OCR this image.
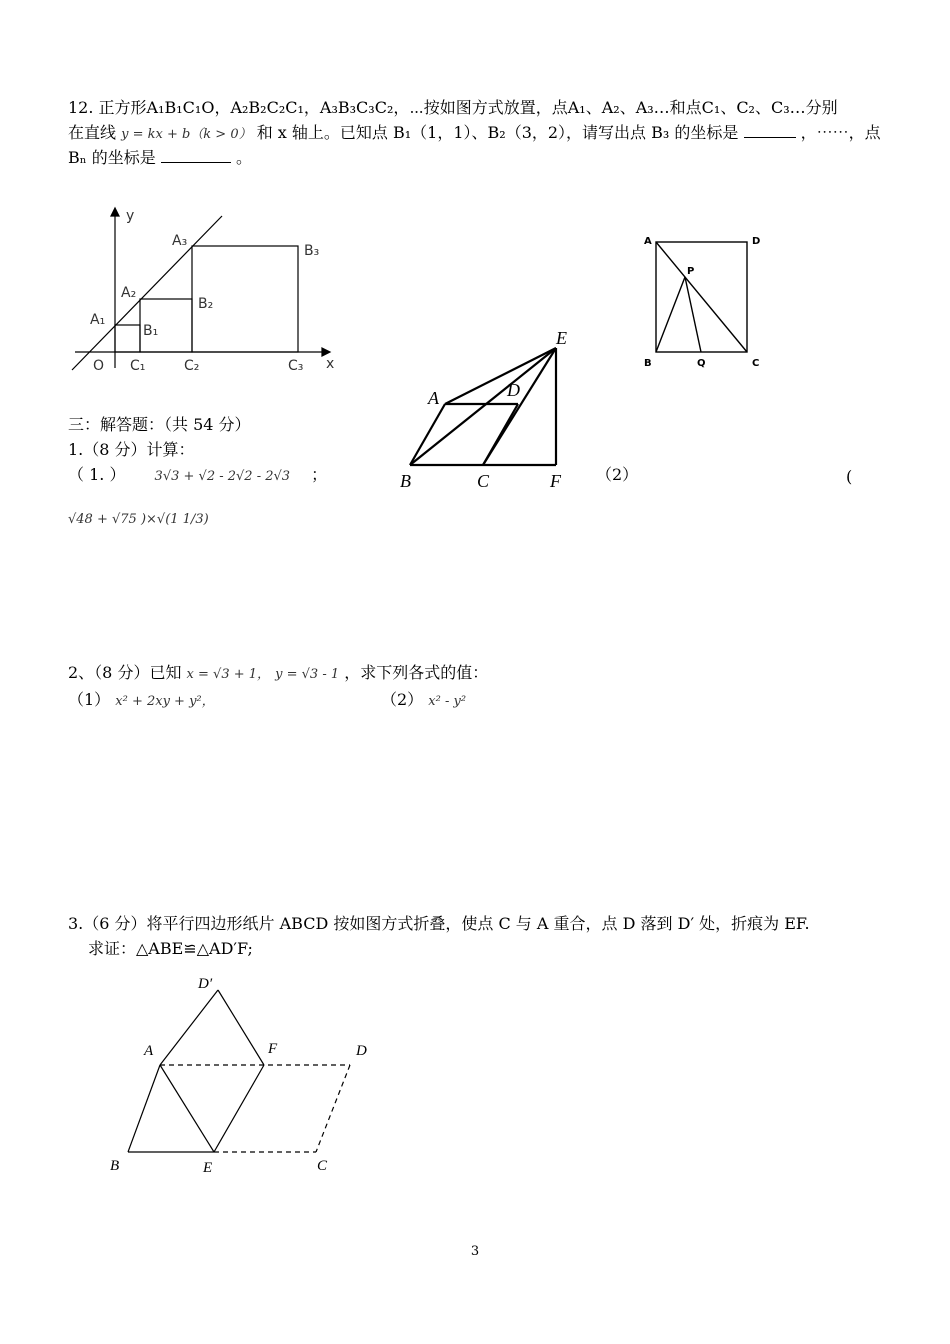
12. 正方形A₁B₁C₁O，A₂B₂C₂C₁，A₃B₃C₃C₂，⋯按如图方式放置，点A₁、A₂、A₃…和点C₁、C₂、C₃…分别
在直线 y = kx + b（k > 0） 和 x 轴上。已知点 B₁（1，1）、B₂（3，2），请写出点 B₃ 的坐标是	，⋯⋯，点
Bₙ 的坐标是	。
y
x
O
A₁
A₂
A₃
B₁
B₂
B₃
C₁	C₂	C₃
A
B	C
D
E
F
A	D
B	C
P
Q
三：解答题：（共 54 分）
1.（8 分）计算：
（ 1. ） 3√3 + √2 - 2√2 - 2√3 ；	（2）	(
√48 + √75 )×√(1 1/3)
2、（8 分）已知 x = √3 + 1， y = √3 - 1 ，求下列各式的值：
（1） x² + 2xy + y²，	（2） x² - y²
3.（6 分）将平行四边形纸片 ABCD 按如图方式折叠，使点 C 与 A 重合，点 D 落到 D′ 处，折痕为 EF.
求证：△ABE≌△AD′F;
A
B	C
D
D′
E
F
3
